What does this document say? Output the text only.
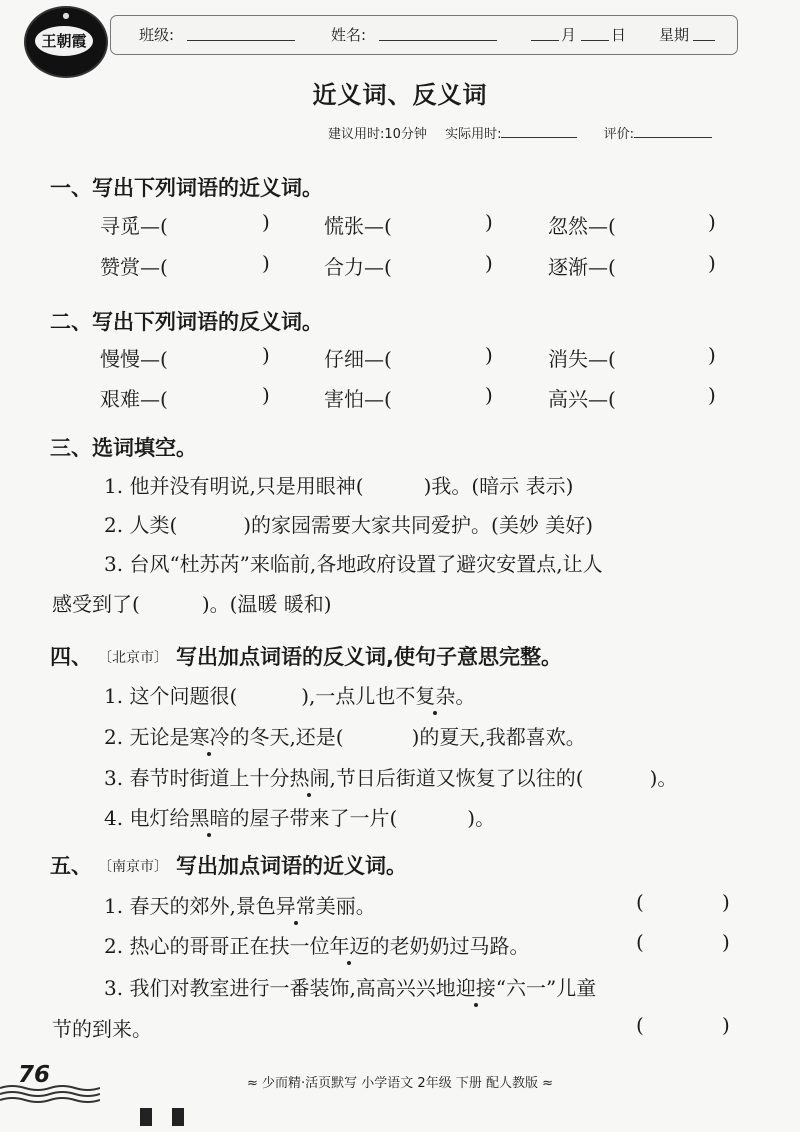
●
王朝霞	班级:	姓名:	月 日 星期
近义词、反义词
建议用时:10分钟 实际用时:	评价:
一、写出下列词语的近义词。
寻觅—(	)	慌张—(	)	忽然—(	)
赞赏—(	)	合力—(	)	逐渐—(	)
二、写出下列词语的反义词。
慢慢—(	)	仔细—(	)	消失—(	)
艰难—(	)	害怕—(	)	高兴—(	)
三、选词填空。
1. 他并没有明说,只是用眼神(	)我。(暗示 表示)
2. 人类(	)的家园需要大家共同爱护。(美妙 美好)
3. 台风“杜苏芮”来临前,各地政府设置了避灾安置点,让人
感受到了(	)。(温暖 暖和)
四、 〔 北京市 〕 写出加点词语的反义词,使句子意思完整。
1. 这个问题很(	),一点儿也不复杂。
2. 无论是寒冷的冬天,还是(	)的夏天,我都喜欢。
3. 春节时街道上十分热闹,节日后街道又恢复了以往的(	)。
4. 电灯给黑暗的屋子带来了一片(	)。
五、 〔 南京市 〕 写出加点词语的近义词。
1. 春天的郊外,景色异常美丽。	(	)
2. 热心的哥哥正在扶一位年迈的老奶奶过马路。	(	)
3. 我们对教室进行一番装饰,高高兴兴地迎接“六一”儿童
节的到来。	(	)
76	≈ 少而精·活页默写 小学语文 2年级 下册 配人教版 ≈
